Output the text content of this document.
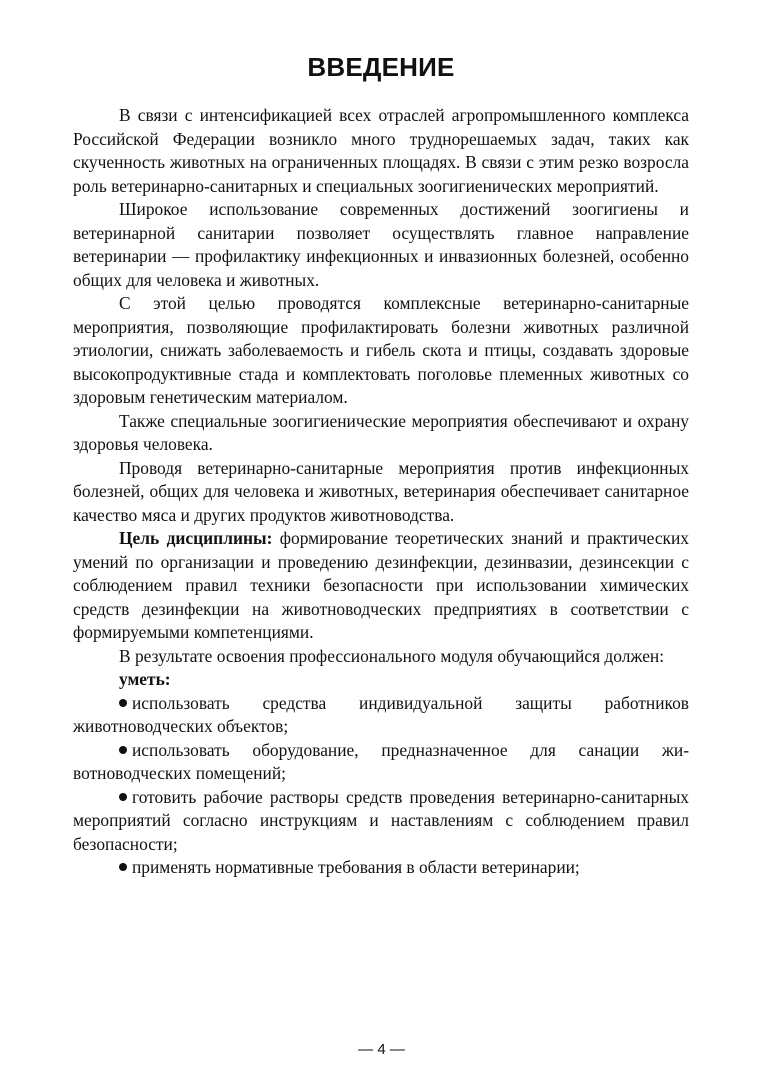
ВВЕДЕНИЕ

В связи с интенсификацией всех отраслей агропромышленного комплекса Российской Федерации возникло много труднорешаемых задач, таких как скученность животных на ограниченных площадях. В связи с этим резко возросла роль ветеринарно-санитарных и специальных зоогигиенических мероприятий.

Широкое использование современных достижений зоогигиены и ветеринарной санитарии позволяет осуществлять главное направление ветеринарии — профилактику инфекционных и инвазионных болезней, особенно общих для человека и животных.

С этой целью проводятся комплексные ветеринарно-санитарные мероприятия, позволяющие профилактировать болезни животных различной этиологии, снижать заболеваемость и гибель скота и птицы, создавать здоровые высокопродуктивные стада и комплектовать поголовье племенных животных со здоровым генетическим материалом.

Также специальные зоогигиенические мероприятия обеспечивают и охрану здоровья человека.

Проводя ветеринарно-санитарные мероприятия против инфекционных болезней, общих для человека и животных, ветеринария обеспечивает санитарное качество мяса и других продуктов животноводства.

Цель дисциплины: формирование теоретических знаний и практических умений по организации и проведению дезинфекции, дезинвазии, дезинсекции с соблюдением правил техники безопасности при использовании химических средств дезинфекции на животноводческих предприятиях в соответствии с формируемыми компетенциями.

В результате освоения профессионального модуля обучающийся должен:

уметь:

использовать средства индивидуальной защиты работников животноводческих объектов;

использовать оборудование, предназначенное для санации животноводческих помещений;

готовить рабочие растворы средств проведения ветеринарно-санитарных мероприятий согласно инструкциям и наставлениям с соблюдением правил безопасности;

применять нормативные требования в области ветеринарии;

— 4 —
